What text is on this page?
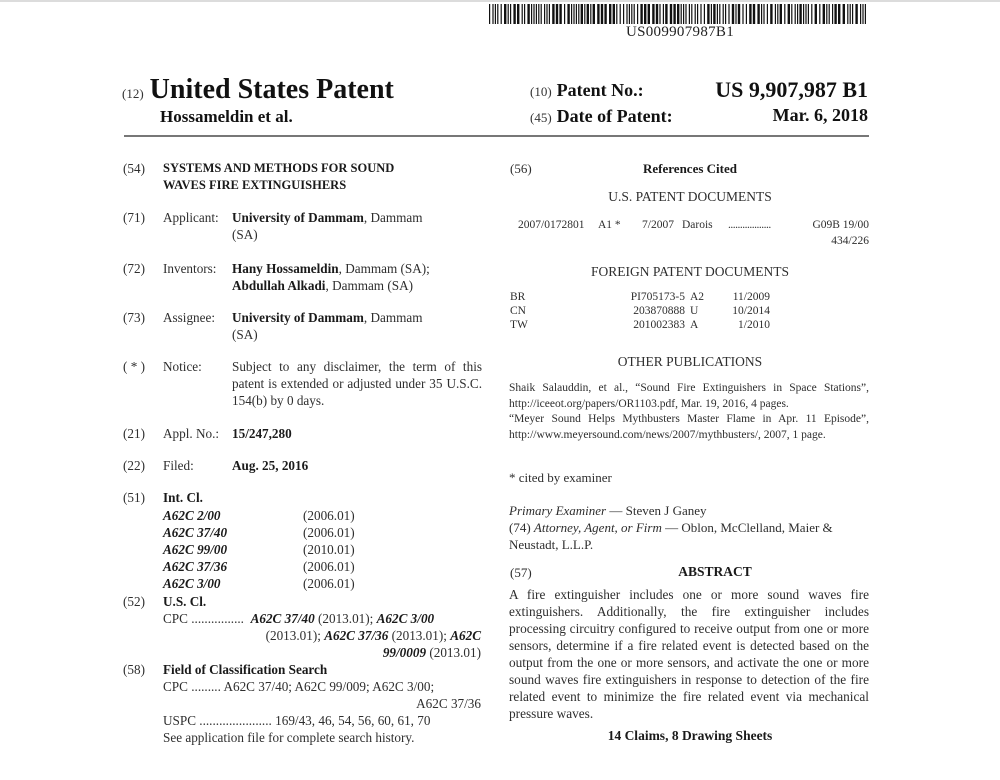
US009907987B1
(12) United States Patent
Hossameldin et al.
(10) Patent No.:	US 9,907,987 B1
(45) Date of Patent:	Mar. 6, 2018
(54) SYSTEMS AND METHODS FOR SOUND
WAVES FIRE EXTINGUISHERS
(71) Applicant: University of Dammam, Dammam
(SA)
(72) Inventors: Hany Hossameldin, Dammam (SA);
Abdullah Alkadi, Dammam (SA)
(73) Assignee: University of Dammam, Dammam
(SA)
( * ) Notice: Subject to any disclaimer, the term of this patent is extended or adjusted under 35 U.S.C. 154(b) by 0 days.
(21) Appl. No.: 15/247,280
(22) Filed:	Aug. 25, 2016
(51) Int. Cl.
A62C 2/00	(2006.01)
A62C 37/40	(2006.01)
A62C 99/00	(2010.01)
A62C 37/36	(2006.01)
A62C 3/00	(2006.01)
(52) U.S. Cl.
CPC ................ A62C 37/40 (2013.01); A62C 3/00
(2013.01); A62C 37/36 (2013.01); A62C
99/0009 (2013.01)
(58) Field of Classification Search
CPC ......... A62C 37/40; A62C 99/009; A62C 3/00;
A62C 37/36
USPC ...................... 169/43, 46, 54, 56, 60, 61, 70
See application file for complete search history.
(56)	References Cited
U.S. PATENT DOCUMENTS
2007/0172801 A1 * 7/2007 Darois ..................	G09B 19/00
434/226
FOREIGN PATENT DOCUMENTS
BR	PI705173-5 A2	11/2009
CN	203870888 U	10/2014
TW	201002383 A	1/2010
OTHER PUBLICATIONS
Shaik Salauddin, et al., “Sound Fire Extinguishers in Space Stations”, http://iceeot.org/papers/OR1103.pdf, Mar. 19, 2016, 4 pages.
“Meyer Sound Helps Mythbusters Master Flame in Apr. 11 Episode”, http://www.meyersound.com/news/2007/mythbusters/, 2007, 1 page.
* cited by examiner
Primary Examiner — Steven J Ganey
(74) Attorney, Agent, or Firm — Oblon, McClelland, Maier & Neustadt, L.L.P.
(57)	ABSTRACT
A fire extinguisher includes one or more sound waves fire extinguishers. Additionally, the fire extinguisher includes processing circuitry configured to receive output from one or more sensors, determine if a fire related event is detected based on the output from the one or more sensors, and activate the one or more sound waves fire extinguishers in response to detection of the fire related event to minimize the fire related event via mechanical pressure waves.
14 Claims, 8 Drawing Sheets
